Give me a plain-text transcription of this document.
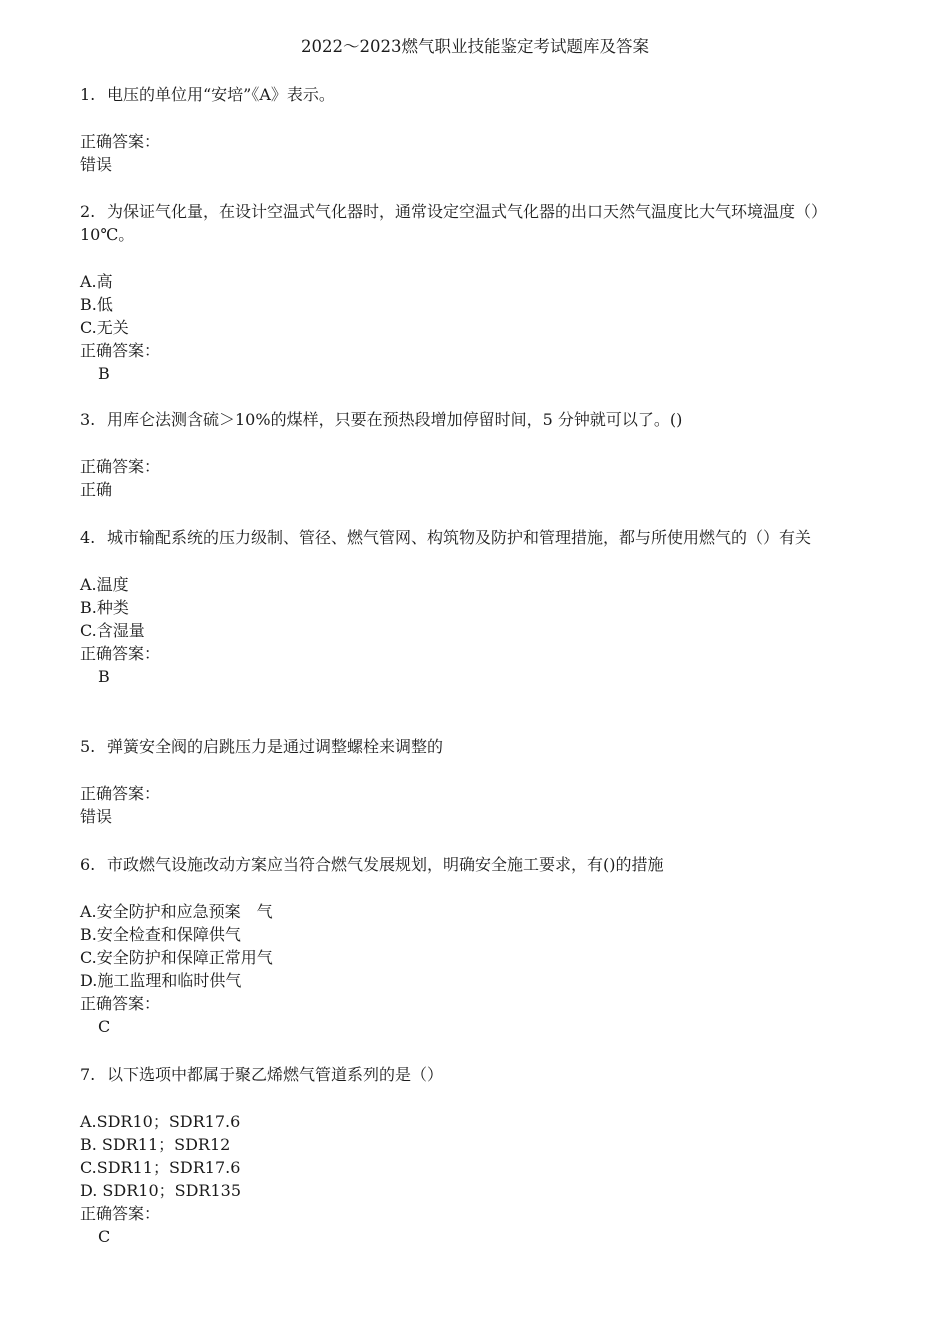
2022～2023燃气职业技能鉴定考试题库及答案

1. 电压的单位用“安培”《A》表示。

正确答案：
错误

2. 为保证气化量，在设计空温式气化器时，通常设定空温式气化器的出口天然气温度比大气环境温度（）10℃。

A.高
B.低
C.无关
正确答案：
B

3. 用库仑法测含硫＞10%的煤样，只要在预热段增加停留时间，5 分钟就可以了。()

正确答案：
正确

4. 城市输配系统的压力级制、管径、燃气管网、构筑物及防护和管理措施，都与所使用燃气的（）有关

A.温度
B.种类
C.含湿量
正确答案：
B

5. 弹簧安全阀的启跳压力是通过调整螺栓来调整的

正确答案：
错误

6. 市政燃气设施改动方案应当符合燃气发展规划，明确安全施工要求，有()的措施

A.安全防护和应急预案　气
B.安全检查和保障供气
C.安全防护和保障正常用气
D.施工监理和临时供气
正确答案：
C

7. 以下选项中都属于聚乙烯燃气管道系列的是（）

A.SDR10；SDR17.6
B. SDR11；SDR12
C.SDR11；SDR17.6
D. SDR10；SDR135
正确答案：
C
